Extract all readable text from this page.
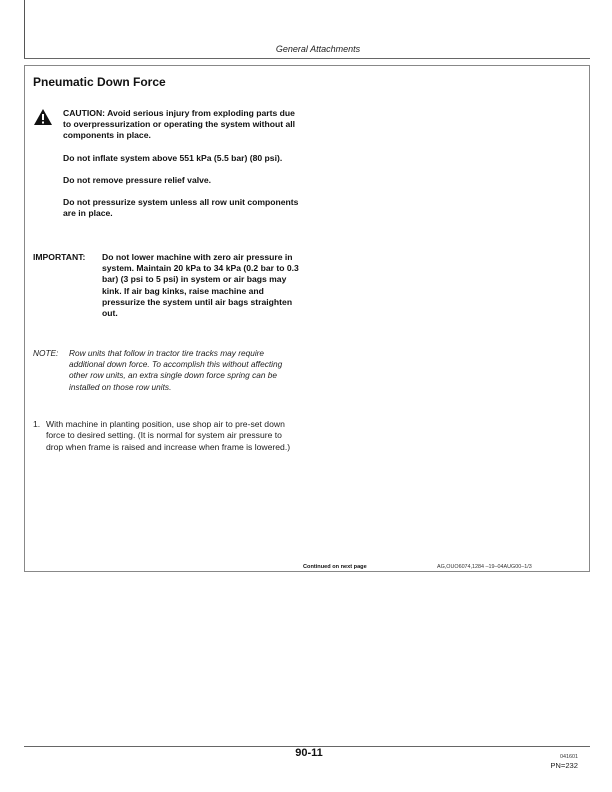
General Attachments
Pneumatic Down Force

CAUTION: Avoid serious injury from exploding parts due to overpressurization or operating the system without all components in place.

Do not inflate system above 551 kPa (5.5 bar) (80 psi).

Do not remove pressure relief valve.

Do not pressurize system unless all row unit components are in place.

IMPORTANT: Do not lower machine with zero air pressure in system. Maintain 20 kPa to 34 kPa (0.2 bar to 0.3 bar) (3 psi to 5 psi) in system or air bags may kink. If air bag kinks, raise machine and pressurize the system until air bags straighten out.
NOTE:	Row units that follow in tractor tire tracks may require additional down force. To accomplish this without affecting other row units, an extra single down force spring can be installed on those row units.
1. With machine in planting position, use shop air to pre-set down force to desired setting. (It is normal for system air pressure to drop when frame is raised and increase when frame is lowered.)
Continued on next page	AG,OUO6074,1284 –19–04AUG00–1/3
90-11	041601
PN=232
